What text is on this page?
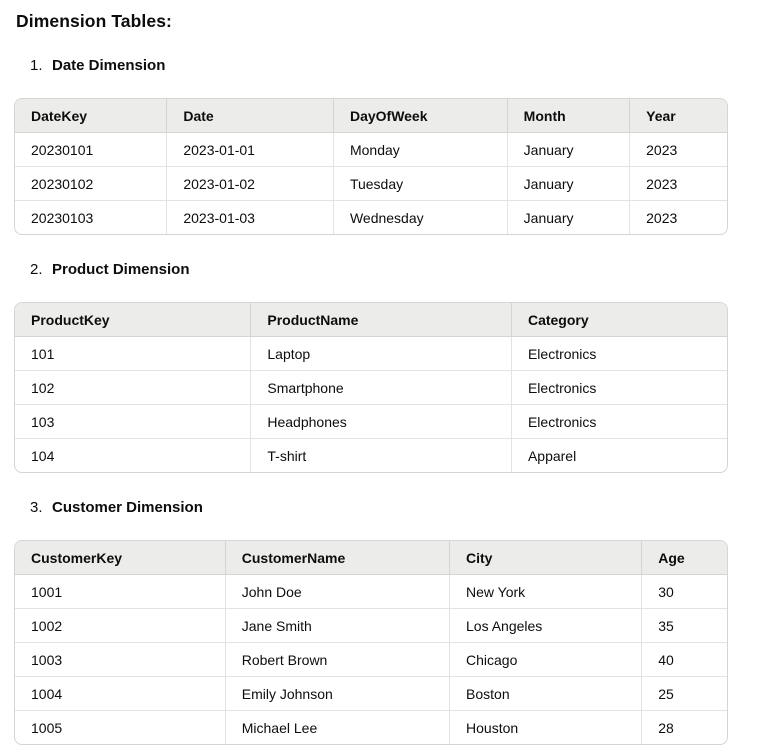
Dimension Tables:
1. Date Dimension
DateKey	Date	DayOfWeek	Month	Year
20230101	2023-01-01	Monday	January	2023
20230102	2023-01-02	Tuesday	January	2023
20230103	2023-01-03	Wednesday	January	2023
2. Product Dimension
ProductKey	ProductName	Category
101	Laptop	Electronics
102	Smartphone	Electronics
103	Headphones	Electronics
104	T-shirt	Apparel
3. Customer Dimension
CustomerKey	CustomerName	City	Age
1001	John Doe	New York	30
1002	Jane Smith	Los Angeles	35
1003	Robert Brown	Chicago	40
1004	Emily Johnson	Boston	25
1005	Michael Lee	Houston	28
